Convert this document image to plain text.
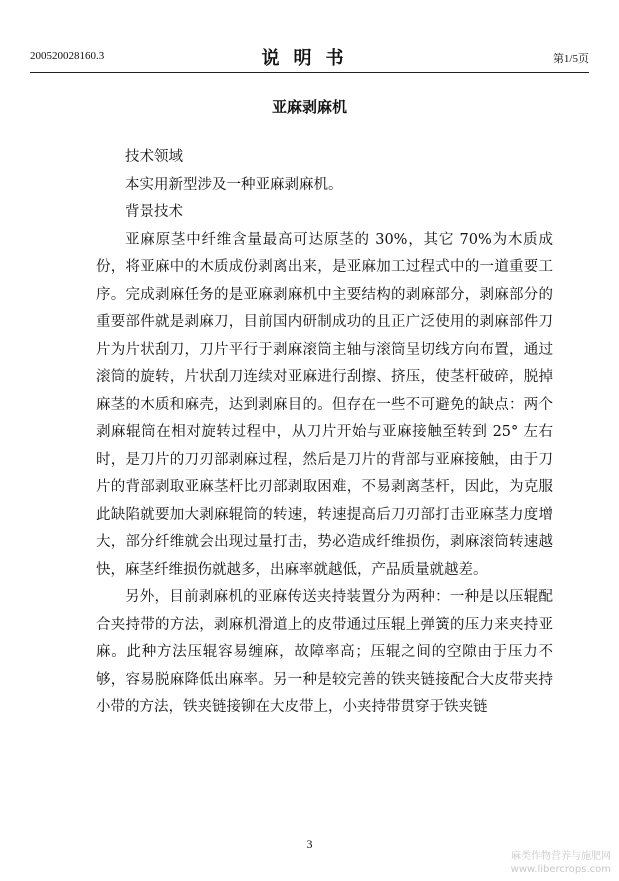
200520028160.3	说明书	第1/5页
亚麻剥麻机

技术领域

本实用新型涉及一种亚麻剥麻机。

背景技术

亚麻原茎中纤维含量最高可达原茎的 30%，其它 70%为木质成份，将亚麻中的木质成份剥离出来，是亚麻加工过程式中的一道重要工序。完成剥麻任务的是亚麻剥麻机中主要结构的剥麻部分，剥麻部分的重要部件就是剥麻刀，目前国内研制成功的且正广泛使用的剥麻部件刀片为片状刮刀，刀片平行于剥麻滚筒主轴与滚筒呈切线方向布置，通过滚筒的旋转，片状刮刀连续对亚麻进行刮擦、挤压，使茎杆破碎，脱掉麻茎的木质和麻壳，达到剥麻目的。但存在一些不可避免的缺点：两个剥麻辊筒在相对旋转过程中，从刀片开始与亚麻接触至转到 25° 左右时，是刀片的刀刃部剥麻过程，然后是刀片的背部与亚麻接触，由于刀片的背部剥取亚麻茎杆比刃部剥取困难，不易剥离茎杆，因此，为克服此缺陷就要加大剥麻辊筒的转速，转速提高后刀刃部打击亚麻茎力度增大，部分纤维就会出现过量打击，势必造成纤维损伤，剥麻滚筒转速越快，麻茎纤维损伤就越多，出麻率就越低，产品质量就越差。

另外，目前剥麻机的亚麻传送夹持装置分为两种：一种是以压辊配合夹持带的方法，剥麻机滑道上的皮带通过压辊上弹簧的压力来夹持亚麻。此种方法压辊容易缠麻，故障率高；压辊之间的空隙由于压力不够，容易脱麻降低出麻率。另一种是较完善的铁夹链接配合大皮带夹持小带的方法，铁夹链接铆在大皮带上，小夹持带贯穿于铁夹链

3
麻类作物营养与施肥网
www.libercrops.com
